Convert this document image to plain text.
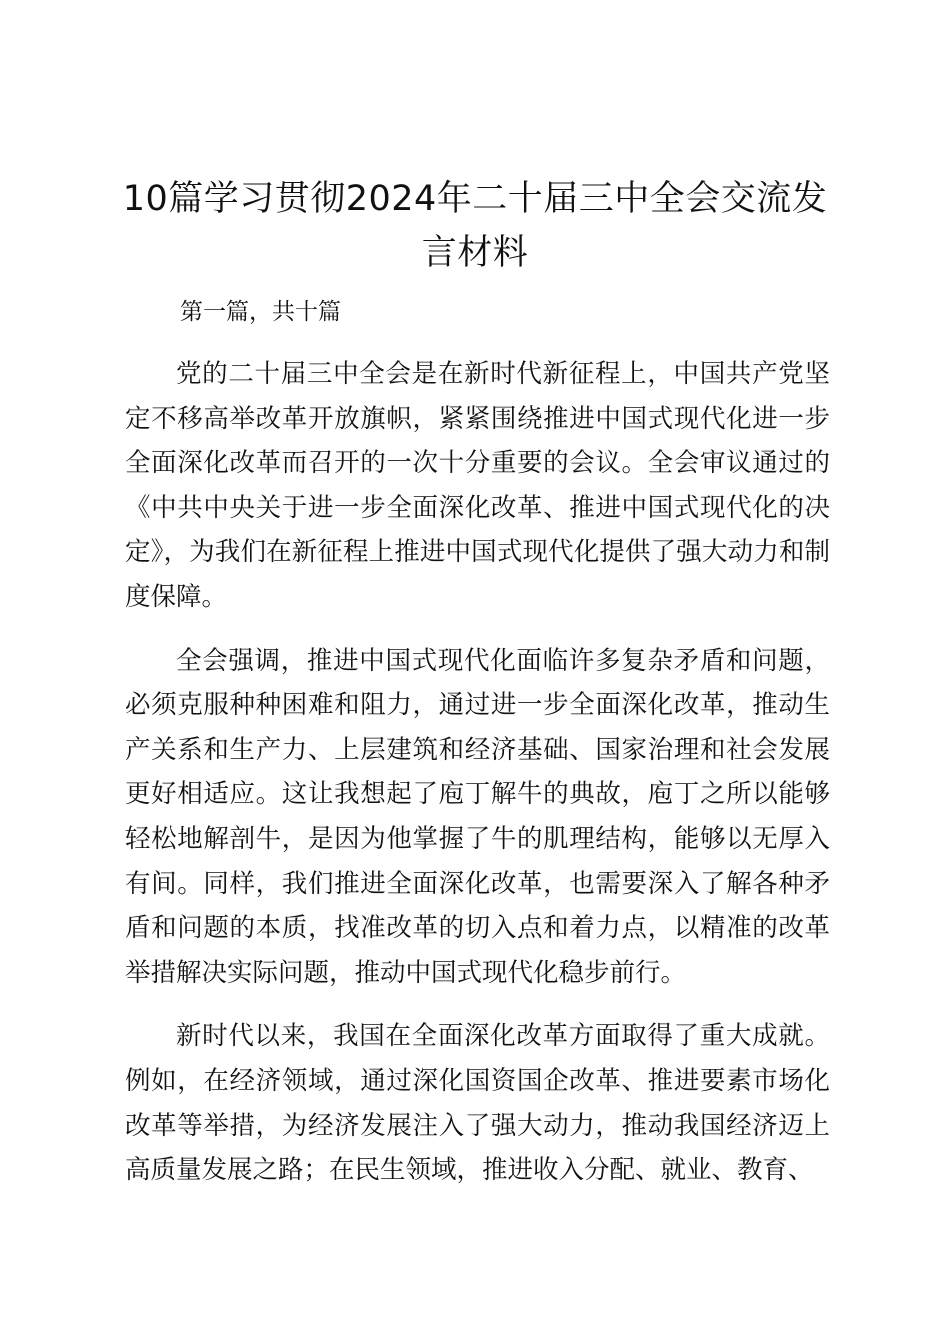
10篇学习贯彻2024年二十届三中全会交流发言材料

第一篇，共十篇

党的二十届三中全会是在新时代新征程上，中国共产党坚定不移高举改革开放旗帜，紧紧围绕推进中国式现代化进一步全面深化改革而召开的一次十分重要的会议。全会审议通过的《中共中央关于进一步全面深化改革、推进中国式现代化的决定》，为我们在新征程上推进中国式现代化提供了强大动力和制度保障。

全会强调，推进中国式现代化面临许多复杂矛盾和问题，必须克服种种困难和阻力，通过进一步全面深化改革，推动生产关系和生产力、上层建筑和经济基础、国家治理和社会发展更好相适应。这让我想起了庖丁解牛的典故，庖丁之所以能够轻松地解剖牛，是因为他掌握了牛的肌理结构，能够以无厚入有间。同样，我们推进全面深化改革，也需要深入了解各种矛盾和问题的本质，找准改革的切入点和着力点，以精准的改革举措解决实际问题，推动中国式现代化稳步前行。

新时代以来，我国在全面深化改革方面取得了重大成就。例如，在经济领域，通过深化国资国企改革、推进要素市场化改革等举措，为经济发展注入了强大动力，推动我国经济迈上高质量发展之路；在民生领域，推进收入分配、就业、教育、
